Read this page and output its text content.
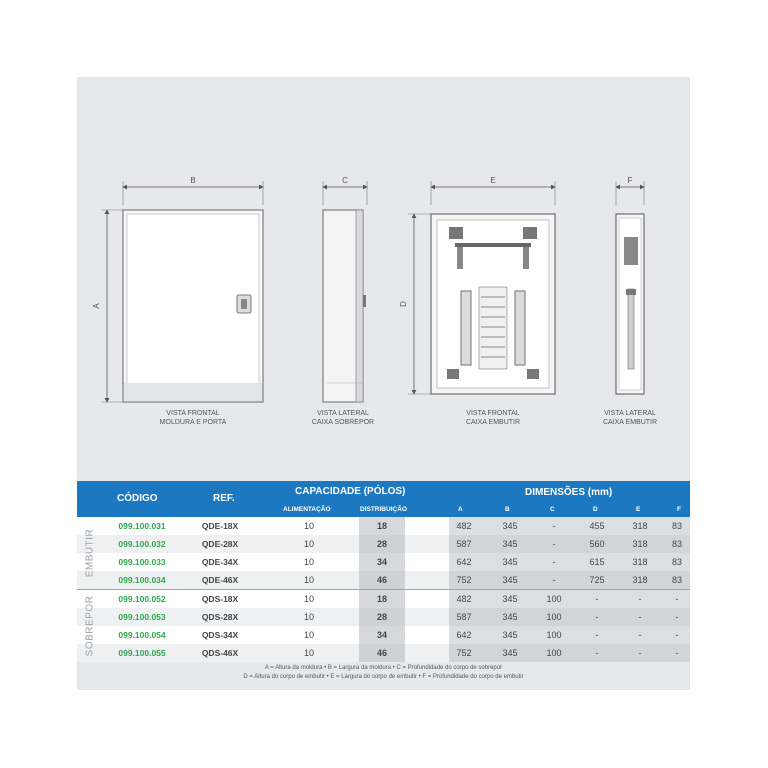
B
A
C	E
D
F
VISTA FRONTAL
MOLDURA E PORTA
VISTA LATERAL
CAIXA SOBREPOR
VISTA FRONTAL
CAIXA EMBUTIR
VISTA LATERAL
CAIXA EMBUTIR
CÓDIGO	REF.
CAPACIDADE (PÓLOS)
ALIMENTAÇÃO	DISTRIBUIÇÃO
DIMENSÕES (mm)
A	B	C	D	E	F
099.100.031	QDE-18X	10	18	482	345	-	455	318	83
099.100.032	QDE-28X	10	28	587	345	-	560	318	83
099.100.033	QDE-34X	10	34	642	345	-	615	318	83
099.100.034	QDE-46X	10	46	752	345	-	725	318	83
099.100.052	QDS-18X	10	18	482	345	100	-	-	-
099.100.053	QDS-28X	10	28	587	345	100	-	-	-
099.100.054	QDS-34X	10	34	642	345	100	-	-	-
099.100.055	QDS-46X	10	46	752	345	100	-	-	-
EMBUTIR
SOBREPOR
A = Altura da moldura • B = Largura da moldura • C = Profundidade do corpo de sobrepor
D = Altura do corpo de embutir • E = Largura do corpo de embutir • F = Profundidade do corpo de embutir
